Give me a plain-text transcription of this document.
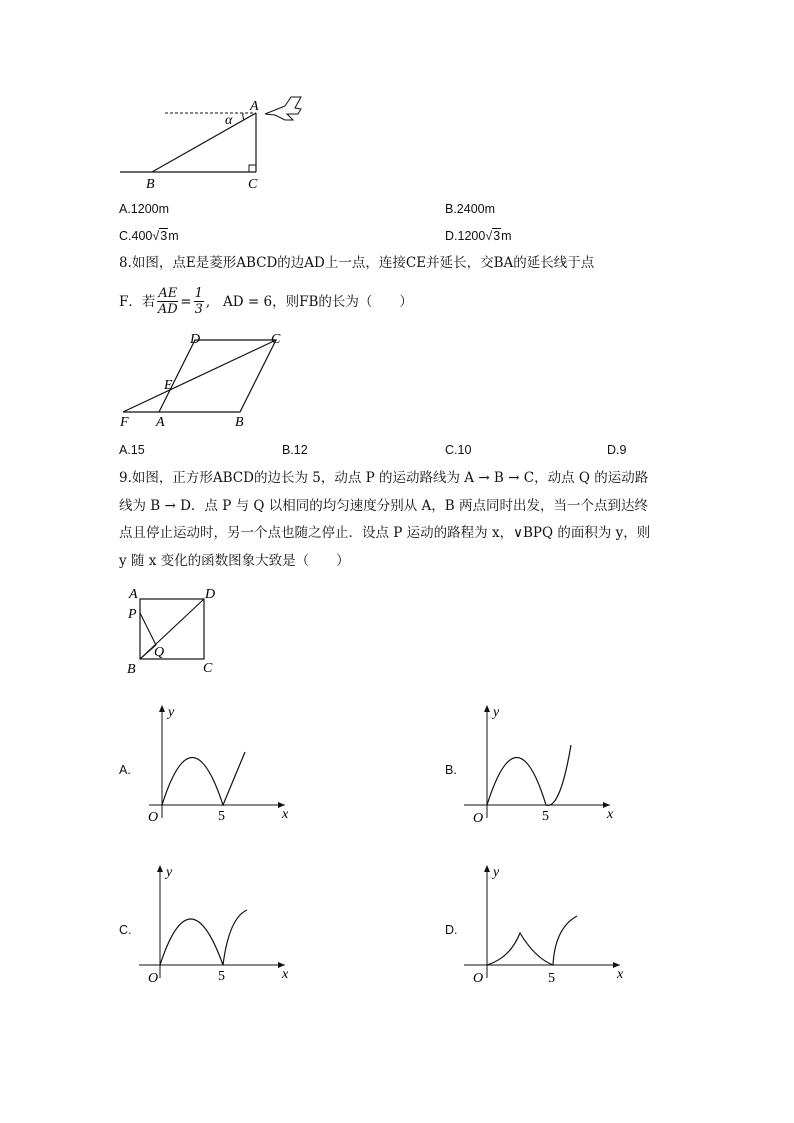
A
α
B	C
A.1200m	B.2400m
C.400√3m	D.1200√3m
8.如图，点E是菱形ABCD的边AD上一点，连接CE并延长，交BA的延长线于点
F．若 $\frac{AE}{AD} = \frac{1}{3}$ ,   AD = 6，则FB的长为（　　）
D	C
E
F A	B
A.15	B.12	C.10	D.9
9.如图，正方形ABCD的边长为 5，动点 P 的运动路线为 A → B → C，动点 Q 的运动路
线为 B → D．点 P 与 Q 以相同的均匀速度分别从 A，B 两点同时出发，当一个点到达终
点且停止运动时，另一个点也随之停止．设点 P 运动的路程为 x，∨BPQ 的面积为 y，则
y 随 x 变化的函数图象大致是（　　）
A	D
P
Q
B	C
A.
y
x
O	5
B.
y
x
O	5
C.
y
x
O	5
D.
y
x
O	5
